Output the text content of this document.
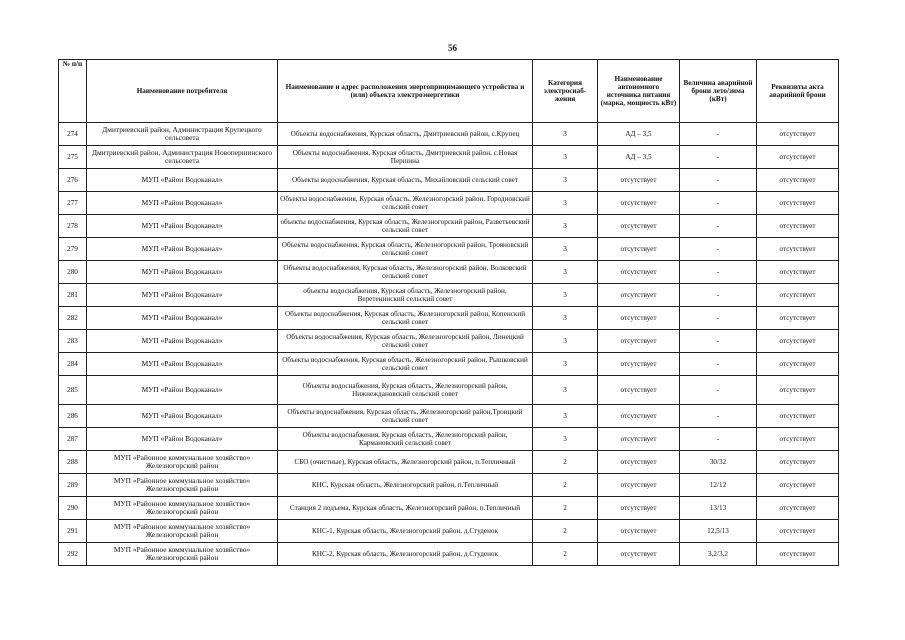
56
№ п/п	Наименование потребителя	Наименование и адрес расположения энергопринимающего устройства и (или) объекта электроэнергетики	Категория электроснаб-жения	Наименование автономного источника питания (марка, мощность кВт)	Величина аварийной брони лето/зима (кВт)	Реквизиты акта аварийной брони
274	Дмитриевский район, Администрация Крупецкого сельсовета	Объекты водоснабжения, Курская область, Дмитриевский район, с.Крупец	3	АД – 3,5	-	отсутствует
275	Дмитриевский район, Администрация Новопершинского сельсовета	Объекты водоснабжения, Курская область, Дмитриевский район, с.Новая Першина	3	АД – 3,5	-	отсутствует
276	МУП «Район Водоканал»	Объекты водоснабжения, Курская область, Михайловский сельский совет	3	отсутствует	-	отсутствует
277	МУП «Район Водоканал»	Объекты водоснабжения, Курская область, Железногорский район, Городновский сельский совет	3	отсутствует	-	отсутствует
278	МУП «Район Водоканал»	объекты водоснабжения, Курская область, Железногорский район, Разветьевский сельский совет	3	отсутствует	-	отсутствует
279	МУП «Район Водоканал»	Объекты водоснабжения, Курская область, Железногорский район, Трояновский сельский совет	3	отсутствует	-	отсутствует
280	МУП «Район Водоканал»	Объекты водоснабжения, Курская область, Железногорский район, Волковский сельский совет	3	отсутствует	-	отсутствует
281	МУП «Район Водоканал»	объекты водоснабжения, Курская область, Железногорский район, Веретенинский сельский совет	3	отсутствует	-	отсутствует
282	МУП «Район Водоканал»	Объекты водоснабжения, Курская область, Железногорский район, Копенский сельский совет	3	отсутствует	-	отсутствует
283	МУП «Район Водоканал»	Объекты водоснабжения, Курская область, Железногорский район, Линецкий сельский совет	3	отсутствует	-	отсутствует
284	МУП «Район Водоканал»	Объекты водоснабжения, Курская область, Железногорский район, Рышковский сельский совет	3	отсутствует	-	отсутствует
285	МУП «Район Водоканал»	Объекты водоснабжения, Курская область, Железногорский район, Нижнеждановский сельский совет	3	отсутствует	-	отсутствует
286	МУП «Район Водоканал»	Объекты водоснабжения, Курская область, Железногорский район,Троицкий сельский совет	3	отсутствует	-	отсутствует
287	МУП «Район Водоканал»	Объекты водоснабжения, Курская область, Железногорский район, Кармановский сельский совет	3	отсутствует	-	отсутствует
288	МУП «Районное коммунальное хозяйство» Железногорский район	СБО (очистные), Курская область, Железногорский район, п.Тепличный	2	отсутствует	30/32	отсутствует
289	МУП «Районное коммунальное хозяйство» Железногорский район	КНС, Курская область, Железногорский район, п.Тепличный	2	отсутствует	12/12	отсутствует
290	МУП «Районное коммунальное хозяйство» Железногорский район	Станция 2 подъема, Курская область, Железногорский район, п.Тепличный	2	отсутствует	13/13	отсутствует
291	МУП «Районное коммунальное хозяйство» Железногорский район	КНС-1, Курская область, Железногорский район, д.Студенок	2	отсутствует	12,5/13	отсутствует
292	МУП «Районное коммунальное хозяйство» Железногорский район	КНС-2, Курская область, Железногорский район, д.Студенок	2	отсутствует	3,2/3,2	отсутствует
